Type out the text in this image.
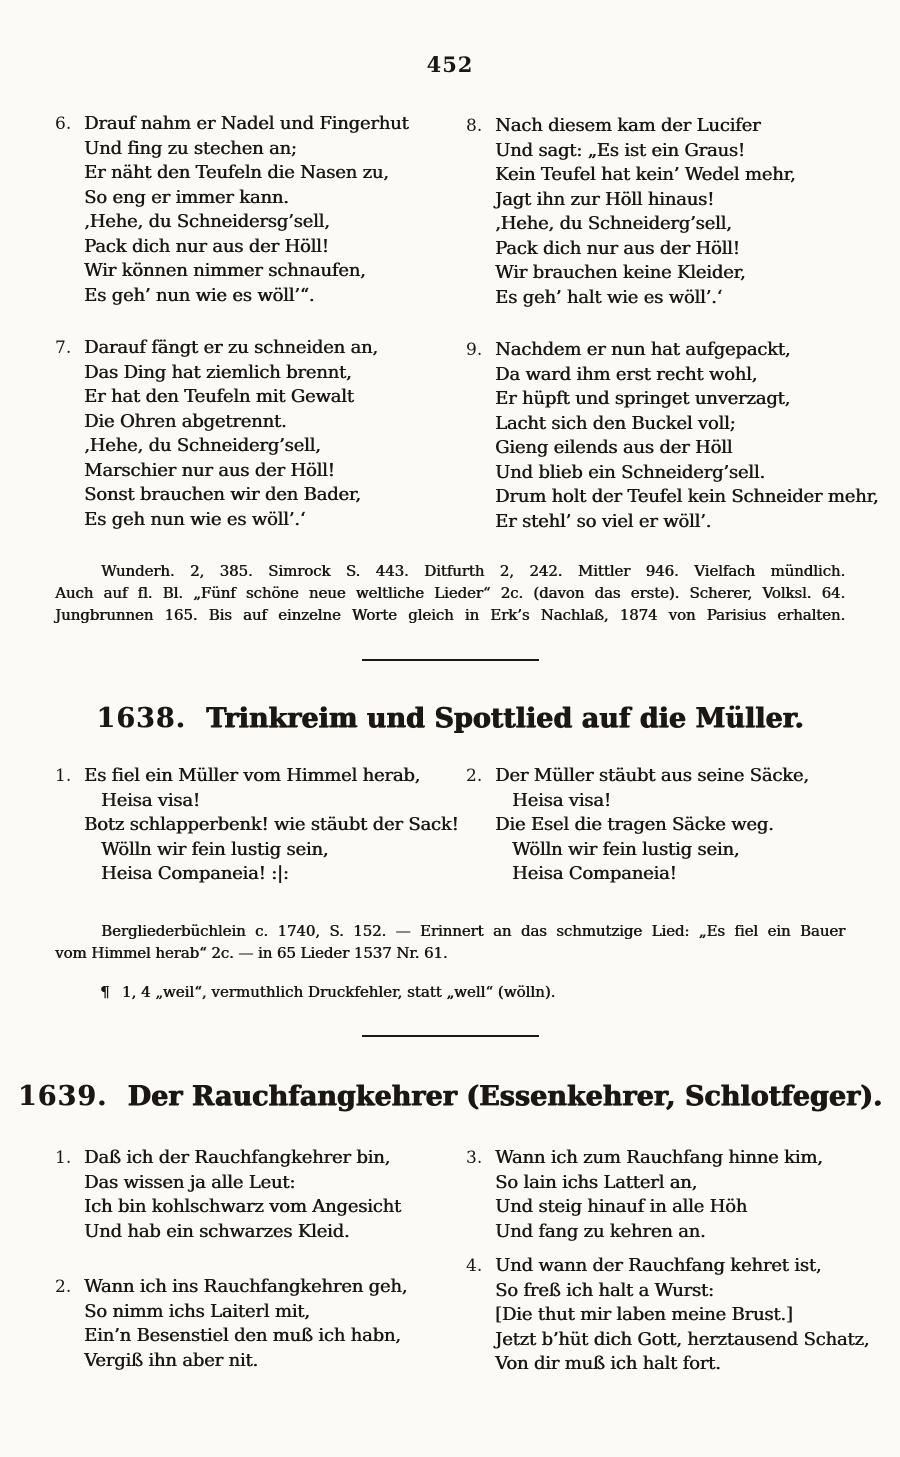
452
6. Drauf nahm er Nadel und Fingerhut
Und fing zu stechen an;
Er näht den Teufeln die Nasen zu,
So eng er immer kann.
‚Hehe, du Schneidersg’sell,
Pack dich nur aus der Höll!
Wir können nimmer schnaufen,
Es geh’ nun wie es wöll’“.
7. Darauf fängt er zu schneiden an,
Das Ding hat ziemlich brennt,
Er hat den Teufeln mit Gewalt
Die Ohren abgetrennt.
‚Hehe, du Schneiderg’sell,
Marschier nur aus der Höll!
Sonst brauchen wir den Bader,
Es geh nun wie es wöll’.‘
8. Nach diesem kam der Lucifer
Und sagt: „Es ist ein Graus!
Kein Teufel hat kein’ Wedel mehr,
Jagt ihn zur Höll hinaus!
‚Hehe, du Schneiderg’sell,
Pack dich nur aus der Höll!
Wir brauchen keine Kleider,
Es geh’ halt wie es wöll’.‘
9. Nachdem er nun hat aufgepackt,
Da ward ihm erst recht wohl,
Er hüpft und springet unverzagt,
Lacht sich den Buckel voll;
Gieng eilends aus der Höll
Und blieb ein Schneiderg’sell.
Drum holt der Teufel kein Schneider mehr,
Er stehl’ so viel er wöll’.
Wunderh. 2, 385. Simrock S. 443. Ditfurth 2, 242. Mittler 946. Vielfach mündlich.
Auch auf fl. Bl. „Fünf schöne neue weltliche Lieder“ 2c. (davon das erste). Scherer, Volksl. 64.
Jungbrunnen 165. Bis auf einzelne Worte gleich in Erk’s Nachlaß, 1874 von Parisius erhalten.
1638. Trinkreim und Spottlied auf die Müller.
1. Es fiel ein Müller vom Himmel herab,
Heisa visa!
Botz schlapperbenk! wie stäubt der Sack!
Wölln wir fein lustig sein,
Heisa Companeia! :|:
2. Der Müller stäubt aus seine Säcke,
Heisa visa!
Die Esel die tragen Säcke weg.
Wölln wir fein lustig sein,
Heisa Companeia!
Bergliederbüchlein c. 1740, S. 152. — Erinnert an das schmutzige Lied: „Es fiel ein Bauer
vom Himmel herab“ 2c. — in 65 Lieder 1537 Nr. 61.
¶  1, 4 „weil“, vermuthlich Druckfehler, statt „well“ (wölln).
1639. Der Rauchfangkehrer (Essenkehrer, Schlotfeger).
1. Daß ich der Rauchfangkehrer bin,
Das wissen ja alle Leut:
Ich bin kohlschwarz vom Angesicht
Und hab ein schwarzes Kleid.
2. Wann ich ins Rauchfangkehren geh,
So nimm ichs Laiterl mit,
Ein’n Besenstiel den muß ich habn,
Vergiß ihn aber nit.
3. Wann ich zum Rauchfang hinne kim,
So lain ichs Latterl an,
Und steig hinauf in alle Höh
Und fang zu kehren an.
4. Und wann der Rauchfang kehret ist,
So freß ich halt a Wurst:
[Die thut mir laben meine Brust.]
Jetzt b’hüt dich Gott, herztausend Schatz,
Von dir muß ich halt fort.
